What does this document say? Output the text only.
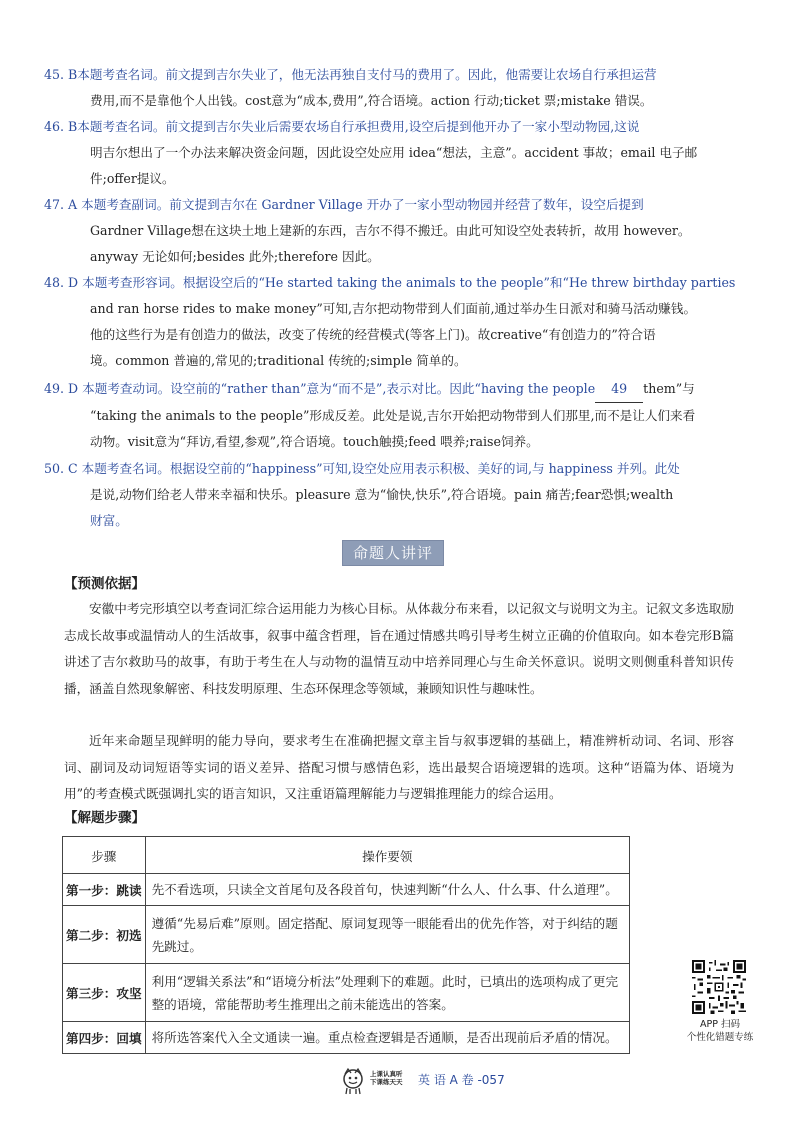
45. B本题考查名词。前文提到吉尔失业了，他无法再独自支付马的费用了。因此，他需要让农场自行承担运营
费用,而不是靠他个人出钱。cost意为“成本,费用”,符合语境。action 行动;ticket 票;mistake 错误。
46. B本题考查名词。前文提到吉尔失业后需要农场自行承担费用,设空后提到他开办了一家小型动物园,这说
明吉尔想出了一个办法来解决资金问题，因此设空处应用 idea“想法，主意”。accident 事故；email 电子邮
件;offer提议。
47. A 本题考查副词。前文提到吉尔在 Gardner Village 开办了一家小型动物园并经营了数年，设空后提到
Gardner Village想在这块土地上建新的东西，吉尔不得不搬迁。由此可知设空处表转折，故用 however。
anyway 无论如何;besides 此外;therefore 因此。
48. D 本题考查形容词。根据设空后的“He started taking the animals to the people”和“He threw birthday parties
and ran horse rides to make money”可知,吉尔把动物带到人们面前,通过举办生日派对和骑马活动赚钱。
他的这些行为是有创造力的做法，改变了传统的经营模式(等客上门)。故creative“有创造力的”符合语
境。common 普遍的,常见的;traditional 传统的;simple 简单的。
49. D 本题考查动词。设空前的“rather than”意为“而不是”,表示对比。因此“having the people 49 them”与
“taking the animals to the people”形成反差。此处是说,吉尔开始把动物带到人们那里,而不是让人们来看
动物。visit意为“拜访,看望,参观”,符合语境。touch触摸;feed 喂养;raise饲养。
50. C 本题考查名词。根据设空前的“happiness”可知,设空处应用表示积极、美好的词,与 happiness 并列。此处
是说,动物们给老人带来幸福和快乐。pleasure 意为“愉快,快乐”,符合语境。pain 痛苦;fear恐惧;wealth
财富。
命题人讲评
【预测依据】
安徽中考完形填空以考查词汇综合运用能力为核心目标。从体裁分布来看，以记叙文与说明文为主。记叙文多选取励志成长故事或温情动人的生活故事，叙事中蕴含哲理，旨在通过情感共鸣引导考生树立正确的价值取向。如本卷完形B篇讲述了吉尔救助马的故事，有助于考生在人与动物的温情互动中培养同理心与生命关怀意识。说明文则侧重科普知识传播，涵盖自然现象解密、科技发明原理、生态环保理念等领域，兼顾知识性与趣味性。
近年来命题呈现鲜明的能力导向，要求考生在准确把握文章主旨与叙事逻辑的基础上，精准辨析动词、名词、形容词、副词及动词短语等实词的语义差异、搭配习惯与感情色彩，选出最契合语境逻辑的选项。这种“语篇为体、语境为用”的考查模式既强调扎实的语言知识，又注重语篇理解能力与逻辑推理能力的综合运用。
【解题步骤】
步骤	操作要领
第一步：跳读	先不看选项，只读全文首尾句及各段首句，快速判断“什么人、什么事、什么道理”。
第二步：初选	遵循“先易后难”原则。固定搭配、原词复现等一眼能看出的优先作答，对于纠结的题先跳过。
第三步：攻坚	利用“逻辑关系法”和“语境分析法”处理剩下的难题。此时，已填出的选项构成了更完整的语境，常能帮助考生推理出之前未能选出的答案。
第四步：回填	将所选答案代入全文通读一遍。重点检查逻辑是否通顺，是否出现前后矛盾的情况。
APP 扫码
个性化错题专练
上课认真听
下课练天天 英 语 A 卷 -057
